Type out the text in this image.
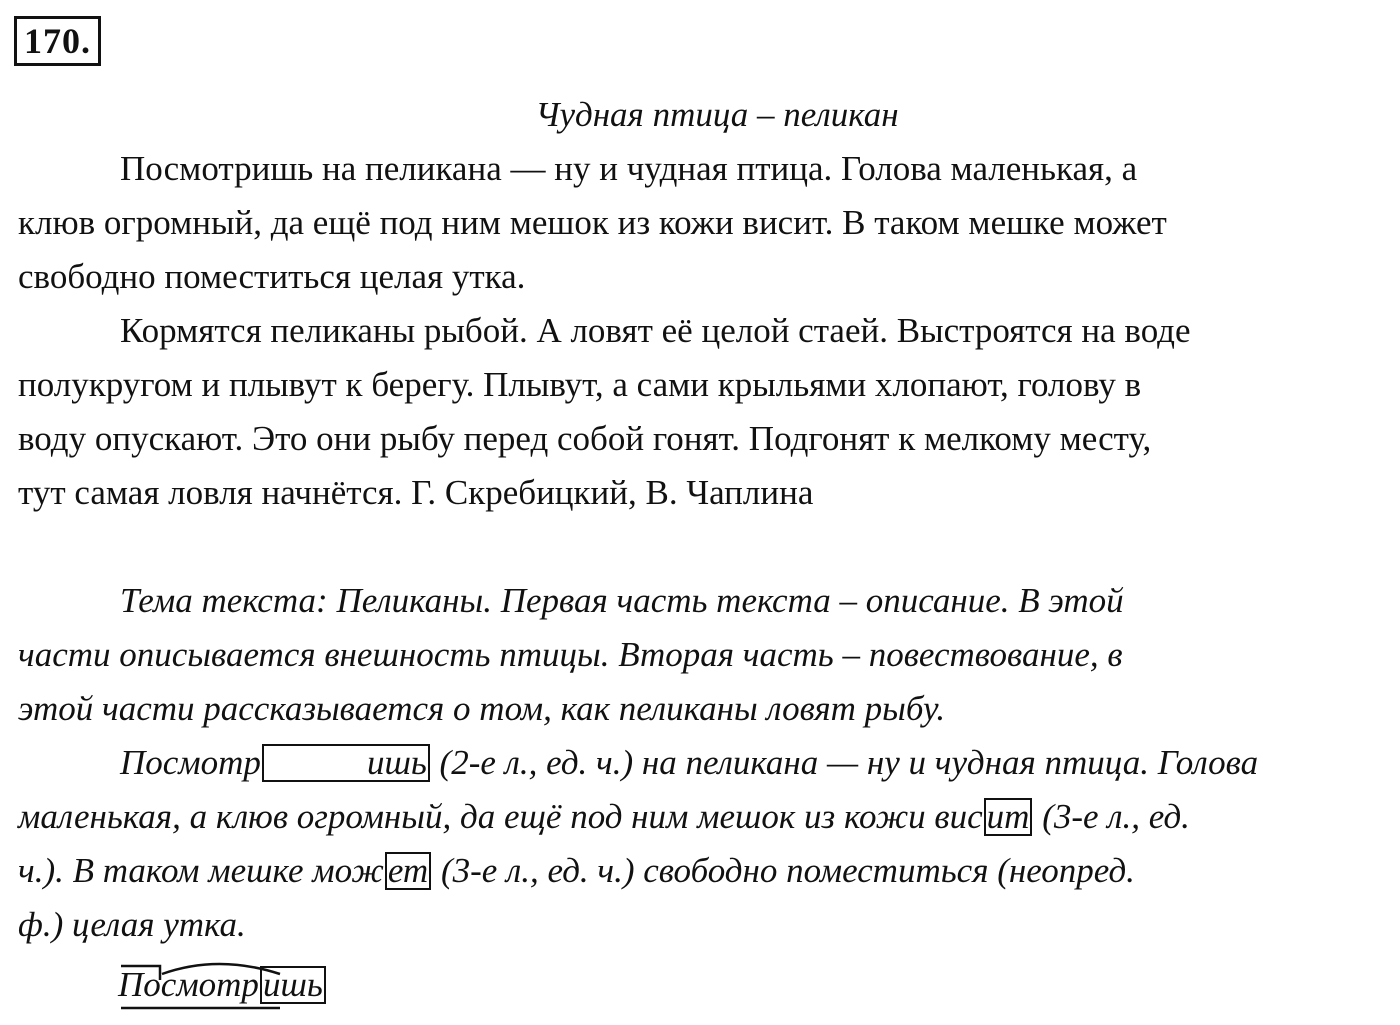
170.
Чудная птица – пеликан
Посмотришь на пеликана — ну и чудная птица. Голова маленькая, а
клюв огромный, да ещё под ним мешок из кожи висит. В таком мешке может
свободно поместиться целая утка.
Кормятся пеликаны рыбой. А ловят её целой стаей. Выстроятся на воде
полукругом и плывут к берегу. Плывут, а сами крыльями хлопают, голову в
воду опускают. Это они рыбу перед собой гонят. Подгонят к мелкому месту,
тут самая ловля начнётся. Г. Скребицкий, В. Чаплина
Тема текста: Пеликаны. Первая часть текста – описание. В этой
части описывается внешность птицы. Вторая часть – повествование, в
этой части рассказывается о том, как пеликаны ловят рыбу.
Посмотр	ишь (2-е л., ед. ч.) на пеликана — ну и чудная птица. Голова
маленькая, а клюв огромный, да ещё под ним мешок из кожи вис ит (3-е л., ед.
ч.). В таком мешке мож ет (3-е л., ед. ч.) свободно поместиться (неопред.
ф.) целая утка.
Посмотр ишь
